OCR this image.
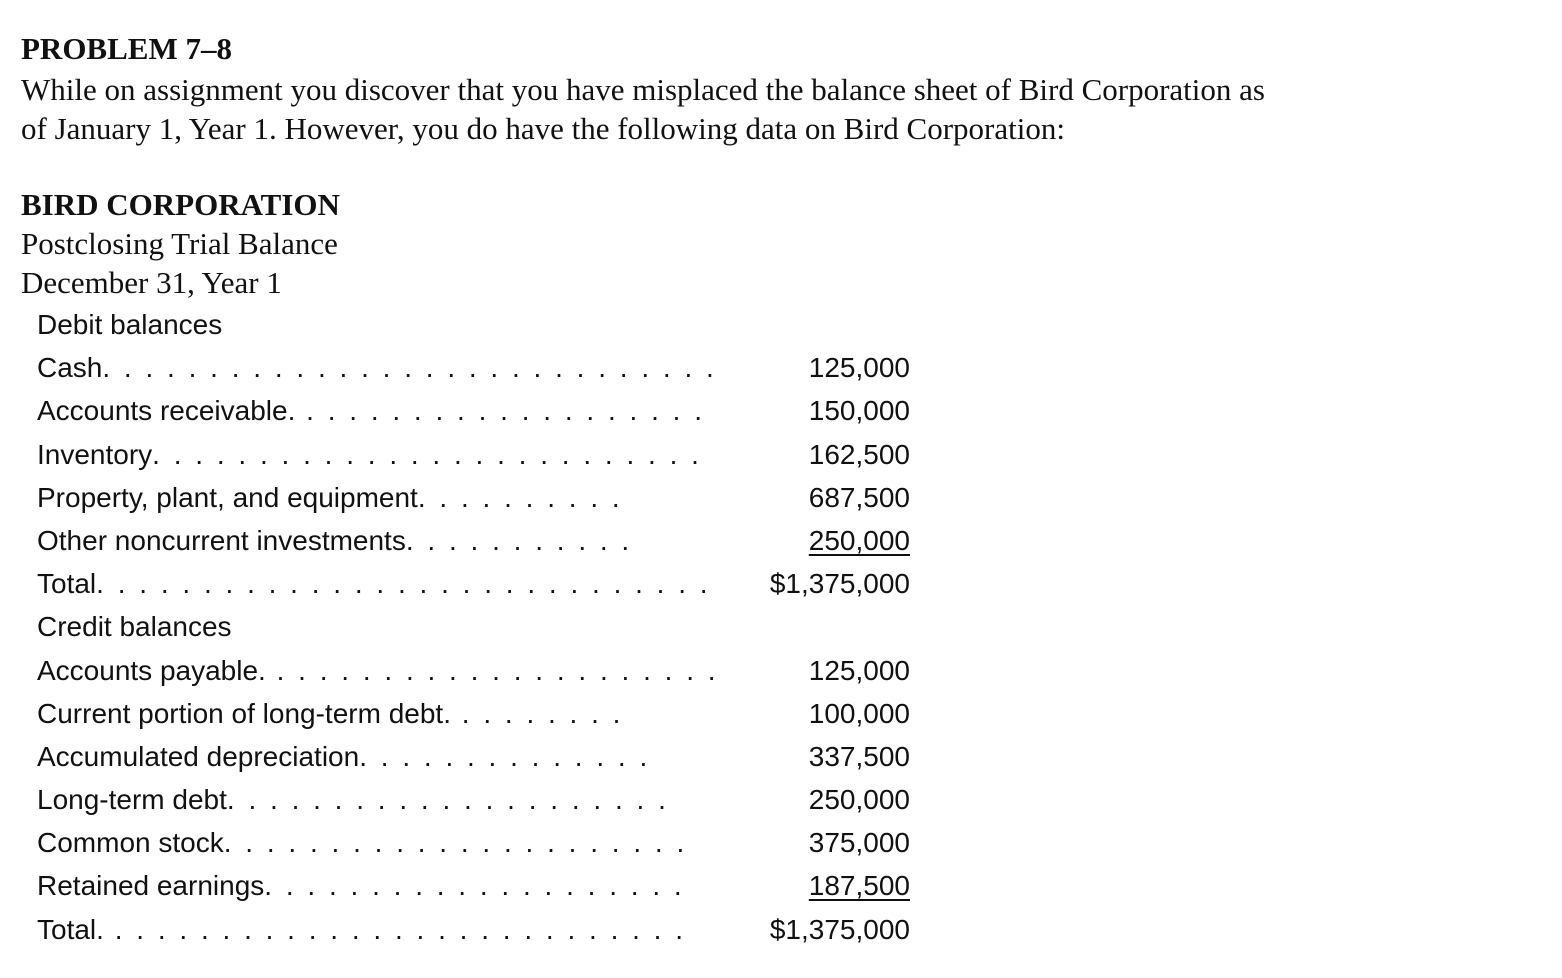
PROBLEM 7–8
While on assignment you discover that you have misplaced the balance sheet of Bird Corporation as
of January 1, Year 1. However, you do have the following data on Bird Corporation:
BIRD CORPORATION
Postclosing Trial Balance
December 31, Year 1
Debit balances
Cash. . . . . . . . . . . . . . . . . . . . . . . . . . . . .	125,000
Accounts receivable. . . . . . . . . . . . . . . . . . . .	150,000
Inventory. . . . . . . . . . . . . . . . . . . . . . . . . .	162,500
Property, plant, and equipment. . . . . . . . . .	687,500
Other noncurrent investments. . . . . . . . . . .	250,000
Total. . . . . . . . . . . . . . . . . . . . . . . . . . . . . $1,375,000
Credit balances
Accounts payable. . . . . . . . . . . . . . . . . . . . . .	125,000
Current portion of long-term debt. . . . . . . . .	100,000
Accumulated depreciation. . . . . . . . . . . . . .	337,500
Long-term debt. . . . . . . . . . . . . . . . . . . . .	250,000
Common stock. . . . . . . . . . . . . . . . . . . . . .	375,000
Retained earnings. . . . . . . . . . . . . . . . . . . .	187,500
Total. . . . . . . . . . . . . . . . . . . . . . . . . . . .	$1,375,000
